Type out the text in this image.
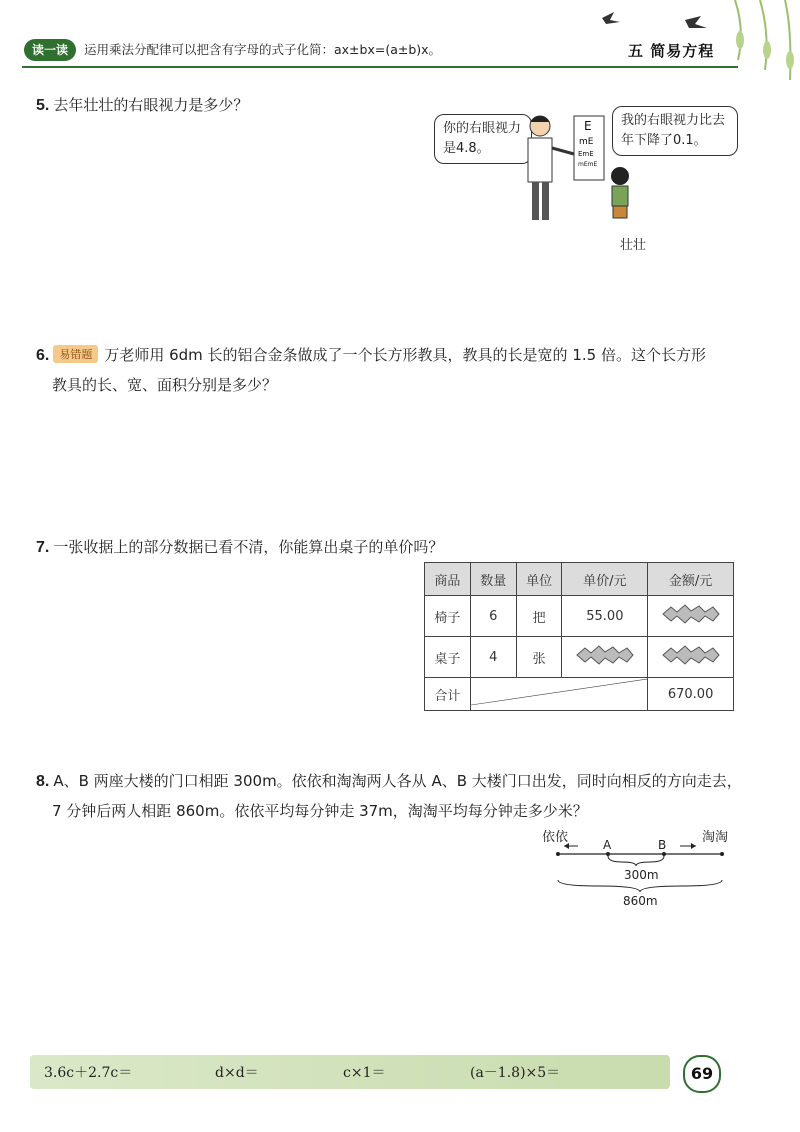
读一读	运用乘法分配律可以把含有字母的式子化简：ax±bx=(a±b)x。	五 简易方程
5. 去年壮壮的右眼视力是多少？
你的右眼视力是4.8。
我的右眼视力比去年下降了0.1。
E
mE
EmE
mEmE
壮壮
6. 易错题 万老师用 6dm 长的铝合金条做成了一个长方形教具，教具的长是宽的 1.5 倍。这个长方形
教具的长、宽、面积分别是多少？
7. 一张收据上的部分数据已看不清，你能算出桌子的单价吗？
商品	数量	单位	单价/元	金额/元
椅子	6	把	55.00	
桌子	4	张		
合计				670.00
8. A、B 两座大楼的门口相距 300m。依依和淘淘两人各从 A、B 大楼门口出发，同时向相反的方向走去，
7 分钟后两人相距 860m。依依平均每分钟走 37m，淘淘平均每分钟走多少米？
依依	淘淘
A	B
300m
860m
3.6c＋2.7c＝	d×d＝	c×1＝	(a－1.8)×5＝	69
